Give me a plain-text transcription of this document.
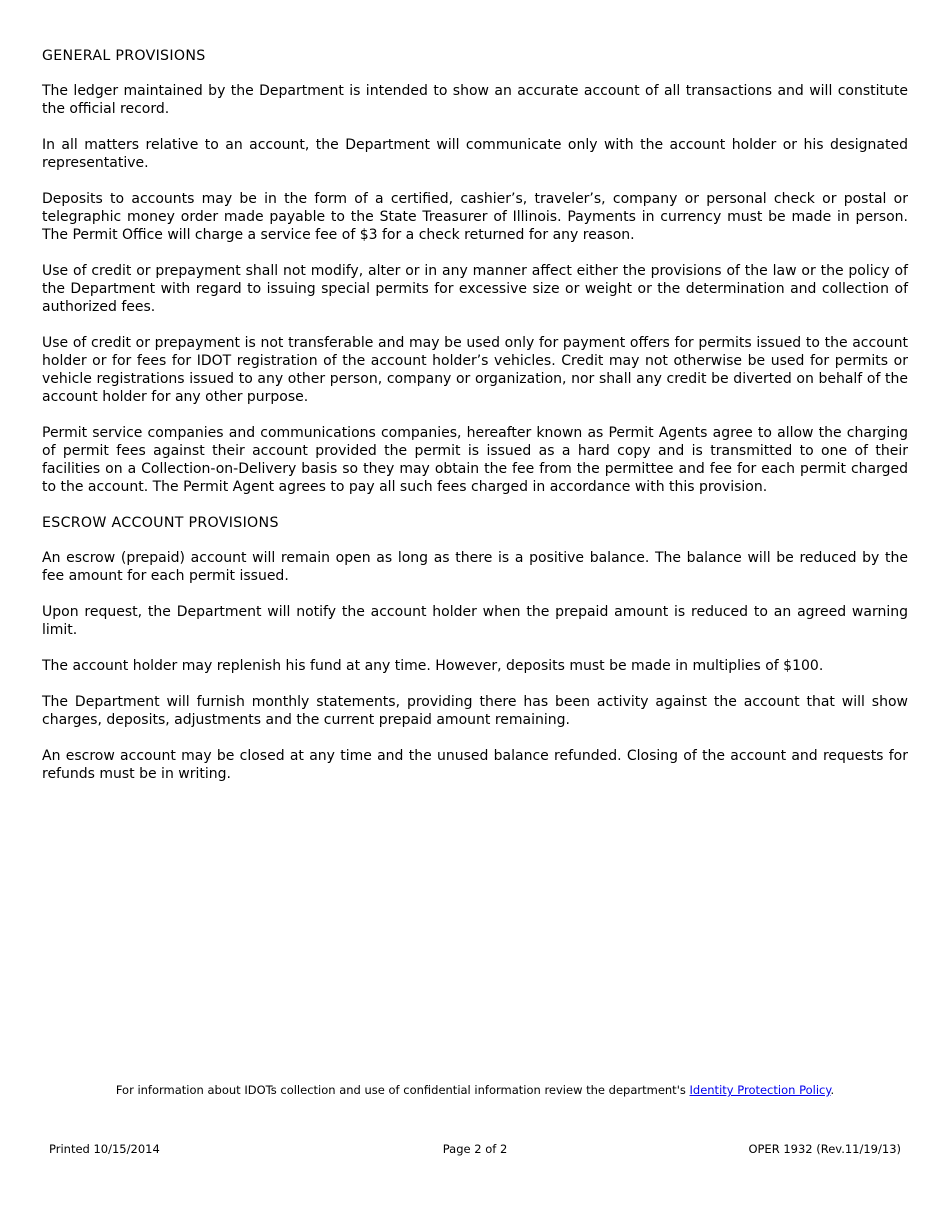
GENERAL PROVISIONS

The ledger maintained by the Department is intended to show an accurate account of all transactions and will constitute the official record.

In all matters relative to an account, the Department will communicate only with the account holder or his designated representative.

Deposits to accounts may be in the form of a certified, cashier’s, traveler’s, company or personal check or postal or telegraphic money order made payable to the State Treasurer of Illinois. Payments in currency must be made in person. The Permit Office will charge a service fee of $3 for a check returned for any reason.

Use of credit or prepayment shall not modify, alter or in any manner affect either the provisions of the law or the policy of the Department with regard to issuing special permits for excessive size or weight or the determination and collection of authorized fees.

Use of credit or prepayment is not transferable and may be used only for payment offers for permits issued to the account holder or for fees for IDOT registration of the account holder’s vehicles. Credit may not otherwise be used for permits or vehicle registrations issued to any other person, company or organization, nor shall any credit be diverted on behalf of the account holder for any other purpose.

Permit service companies and communications companies, hereafter known as Permit Agents agree to allow the charging of permit fees against their account provided the permit is issued as a hard copy and is transmitted to one of their facilities on a Collection-on-Delivery basis so they may obtain the fee from the permittee and fee for each permit charged to the account. The Permit Agent agrees to pay all such fees charged in accordance with this provision.

ESCROW ACCOUNT PROVISIONS

An escrow (prepaid) account will remain open as long as there is a positive balance. The balance will be reduced by the fee amount for each permit issued.

Upon request, the Department will notify the account holder when the prepaid amount is reduced to an agreed warning limit.

The account holder may replenish his fund at any time. However, deposits must be made in multiplies of $100.

The Department will furnish monthly statements, providing there has been activity against the account that will show charges, deposits, adjustments and the current prepaid amount remaining.

An escrow account may be closed at any time and the unused balance refunded. Closing of the account and requests for refunds must be in writing.

For information about IDOTs collection and use of confidential information review the department's Identity Protection Policy.
Printed 10/15/2014	Page 2 of 2	OPER 1932 (Rev.11/19/13)
